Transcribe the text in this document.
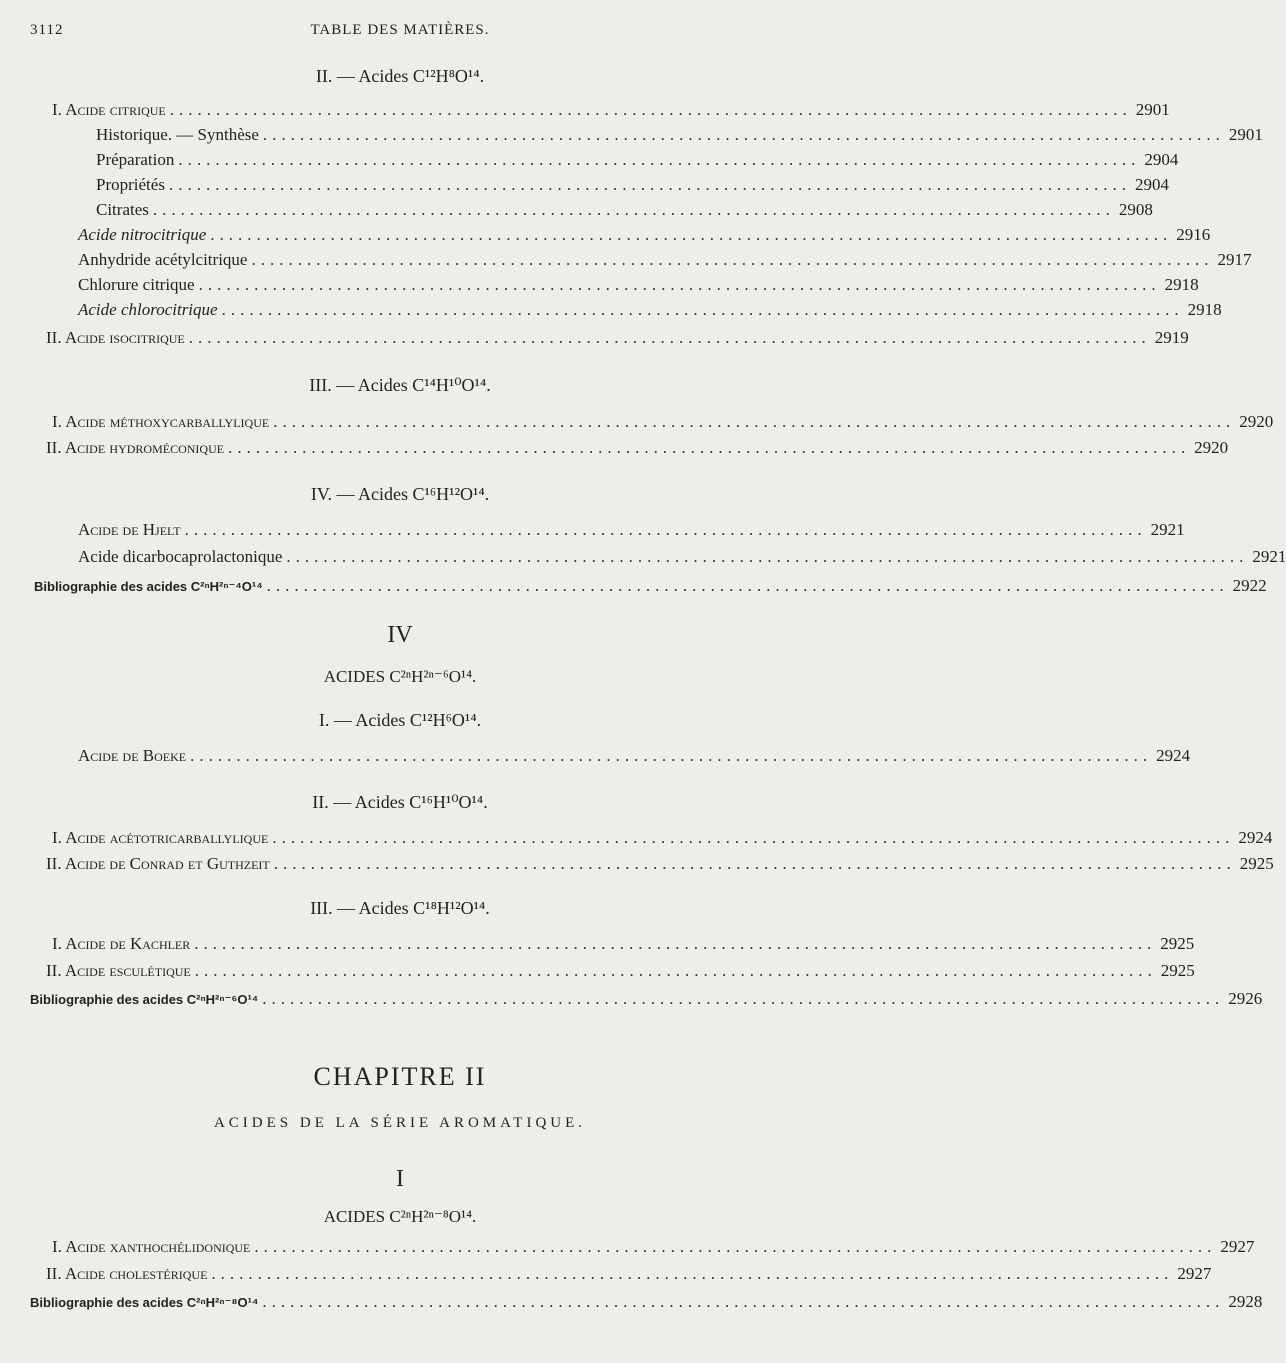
3112	TABLE DES MATIÈRES.
II. — Acides C¹²H⁸O¹⁴.
I. Acide citrique ........................................................................................................ 2901
Historique. — Synthèse ........................................................................................................ 2901
Préparation ........................................................................................................ 2904
Propriétés ........................................................................................................ 2904
Citrates ........................................................................................................ 2908
Acide nitrocitrique ........................................................................................................ 2916
Anhydride acétylcitrique ........................................................................................................ 2917
Chlorure citrique ........................................................................................................ 2918
Acide chlorocitrique ........................................................................................................ 2918
II. Acide isocitrique ........................................................................................................ 2919
III. — Acides C¹⁴H¹⁰O¹⁴.
I. Acide méthoxycarballylique ........................................................................................................ 2920
II. Acide hydroméconique ........................................................................................................ 2920
IV. — Acides C¹⁶H¹²O¹⁴.
Acide de Hjelt ........................................................................................................ 2921
Acide dicarbocaprolactonique ........................................................................................................ 2921
Bibliographie des acides C²ⁿH²ⁿ⁻⁴O¹⁴ ........................................................................................................ 2922
IV
ACIDES C²ⁿH²ⁿ⁻⁶O¹⁴.
I. — Acides C¹²H⁶O¹⁴.
Acide de Boeke ........................................................................................................ 2924
II. — Acides C¹⁶H¹⁰O¹⁴.
I. Acide acétotricarballylique ........................................................................................................ 2924
II. Acide de Conrad et Guthzeit ........................................................................................................ 2925
III. — Acides C¹⁸H¹²O¹⁴.
I. Acide de Kachler ........................................................................................................ 2925
II. Acide esculétique ........................................................................................................ 2925
Bibliographie des acides C²ⁿH²ⁿ⁻⁶O¹⁴ ........................................................................................................ 2926
CHAPITRE II
ACIDES DE LA SÉRIE AROMATIQUE.
I
ACIDES C²ⁿH²ⁿ⁻⁸O¹⁴.
I. Acide xanthochélidonique ........................................................................................................ 2927
II. Acide cholestérique ........................................................................................................ 2927
Bibliographie des acides C²ⁿH²ⁿ⁻⁸O¹⁴ ........................................................................................................ 2928
